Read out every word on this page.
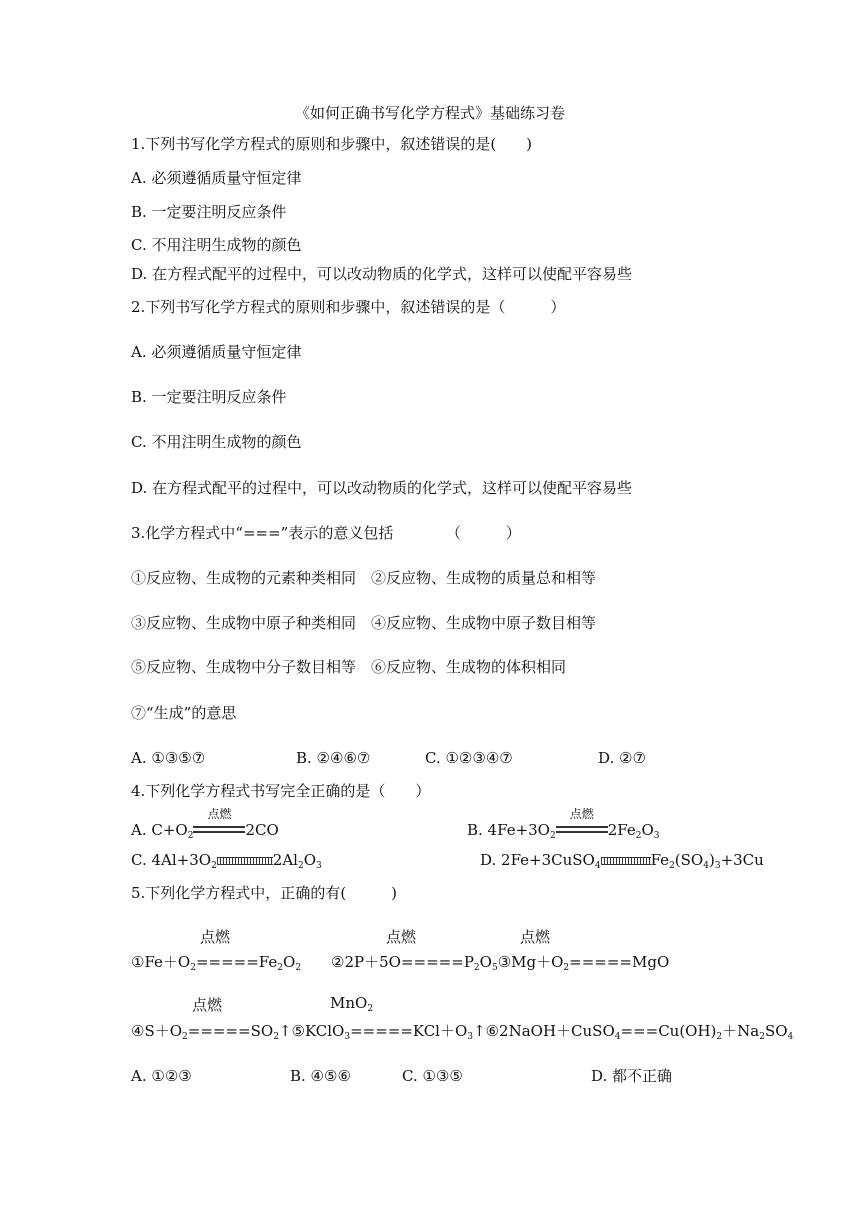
《如何正确书写化学方程式》基础练习卷
1.下列书写化学方程式的原则和步骤中，叙述错误的是(　　)
A. 必须遵循质量守恒定律
B. 一定要注明反应条件
C. 不用注明生成物的颜色
D. 在方程式配平的过程中，可以改动物质的化学式，这样可以使配平容易些
2.下列书写化学方程式的原则和步骤中，叙述错误的是（　　　）
A. 必须遵循质量守恒定律
B. 一定要注明反应条件
C. 不用注明生成物的颜色
D. 在方程式配平的过程中，可以改动物质的化学式，这样可以使配平容易些
3.化学方程式中“===”表示的意义包括　　　　（　　　）
①反应物、生成物的元素种类相同　②反应物、生成物的质量总和相等
③反应物、生成物中原子种类相同　④反应物、生成物中原子数目相等
⑤反应物、生成物中分子数目相等　⑥反应物、生成物的体积相同
⑦“生成”的意思
A. ①③⑤⑦	B. ②④⑥⑦	C. ①②③④⑦	D. ②⑦
4.下列化学方程式书写完全正确的是（　　）
A. $C+O_2$
点燃
2CO	B. $4Fe+3O_2$
点燃
$2Fe_2O_3$
C. $4Al+3O_2$	$2Al_2O_3$	D. 2Fe+3CuSO$_4$	$Fe_2(SO_4)_3+3Cu$
5.下列化学方程式中，正确的有(　　　)
点燃	点燃	点燃
$①Fe+O_2=====Fe_2O_2$ $②2P+5O=====P_2O_5③Mg+O_2=====MgO$
点燃	MnO$_2$
$④S+O_2=====SO_2↑⑤KClO_3=====KCl+O_3↑⑥2NaOH+CuSO_4===Cu(OH)_2+Na_2SO_4$
A. ①②③	B. ④⑤⑥	C. ①③⑤	D. 都不正确
